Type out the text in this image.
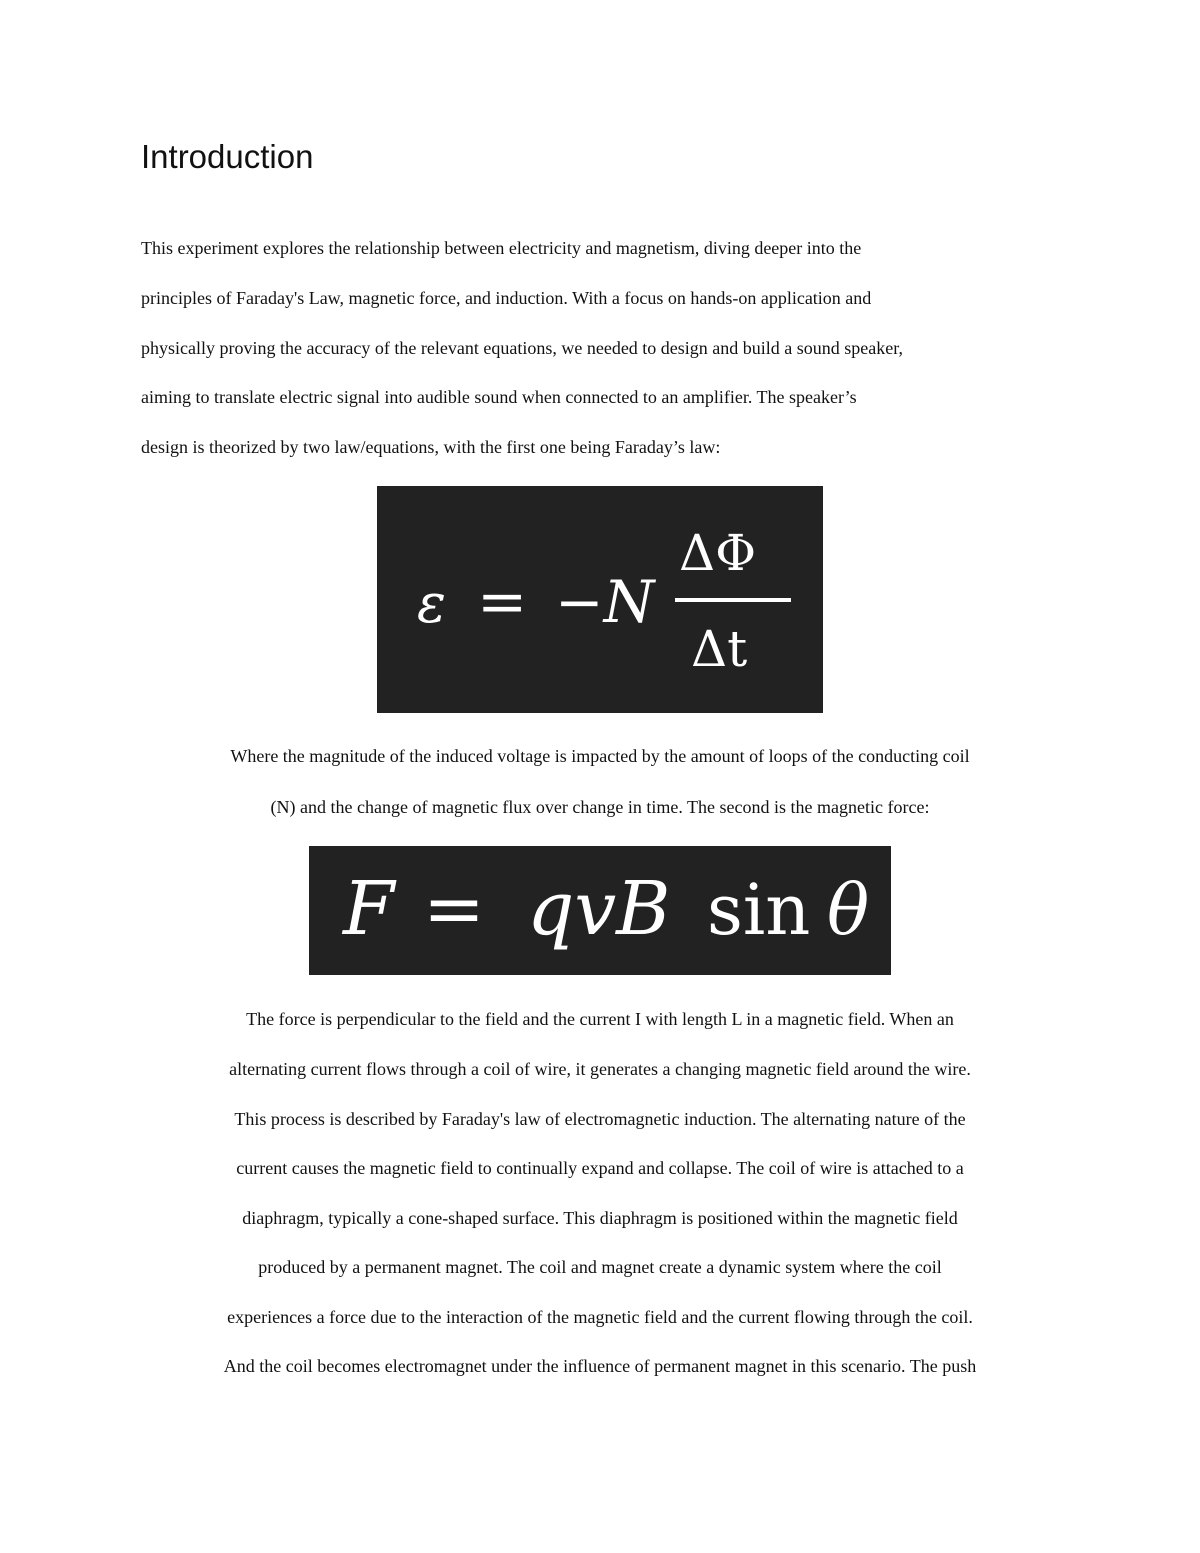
Introduction
This experiment explores the relationship between electricity and magnetism, diving deeper into the
principles of Faraday's Law, magnetic force, and induction. With a focus on hands-on application and
physically proving the accuracy of the relevant equations, we needed to design and build a sound speaker,
aiming to translate electric signal into audible sound when connected to an amplifier. The speaker’s
design is theorized by two law/equations, with the first one being Faraday’s law:
ε = −N
ΔΦ
Δt
Where the magnitude of the induced voltage is impacted by the amount of loops of the conducting coil
(N) and the change of magnetic flux over change in time. The second is the magnetic force:
F = qvB sin θ
The force is perpendicular to the field and the current I with length L in a magnetic field. When an
alternating current flows through a coil of wire, it generates a changing magnetic field around the wire.
This process is described by Faraday's law of electromagnetic induction. The alternating nature of the
current causes the magnetic field to continually expand and collapse. The coil of wire is attached to a
diaphragm, typically a cone-shaped surface. This diaphragm is positioned within the magnetic field
produced by a permanent magnet. The coil and magnet create a dynamic system where the coil
experiences a force due to the interaction of the magnetic field and the current flowing through the coil.
And the coil becomes electromagnet under the influence of permanent magnet in this scenario. The push
